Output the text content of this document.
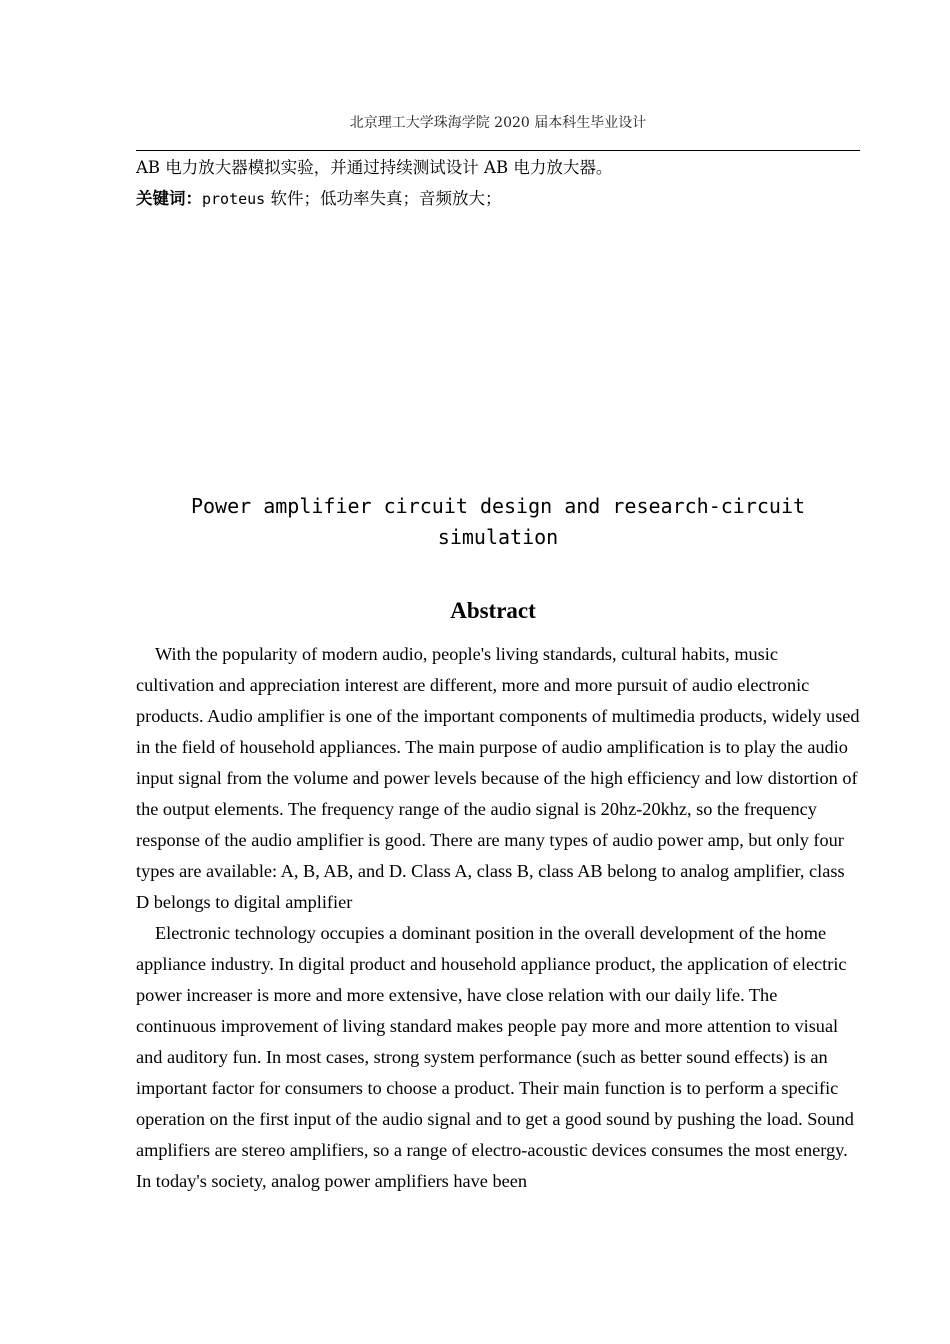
北京理工大学珠海学院 2020 届本科生毕业设计
AB 电力放大器模拟实验，并通过持续测试设计 AB 电力放大器。
关键词：proteus 软件；低功率失真；音频放大；
Power amplifier circuit design and research-circuit simulation
Abstract

With the popularity of modern audio, people's living standards, cultural habits, music cultivation and appreciation interest are different, more and more pursuit of audio electronic products. Audio amplifier is one of the important components of multimedia products, widely used in the field of household appliances. The main purpose of audio amplification is to play the audio input signal from the volume and power levels because of the high efficiency and low distortion of the output elements. The frequency range of the audio signal is 20hz-20khz, so the frequency response of the audio amplifier is good. There are many types of audio power amp, but only four types are available: A, B, AB, and D. Class A, class B, class AB belong to analog amplifier, class D belongs to digital amplifier

Electronic technology occupies a dominant position in the overall development of the home appliance industry. In digital product and household appliance product, the application of electric power increaser is more and more extensive, have close relation with our daily life. The continuous improvement of living standard makes people pay more and more attention to visual and auditory fun. In most cases, strong system performance (such as better sound effects) is an important factor for consumers to choose a product. Their main function is to perform a specific operation on the first input of the audio signal and to get a good sound by pushing the load. Sound amplifiers are stereo amplifiers, so a range of electro-acoustic devices consumes the most energy. In today's society, analog power amplifiers have been
